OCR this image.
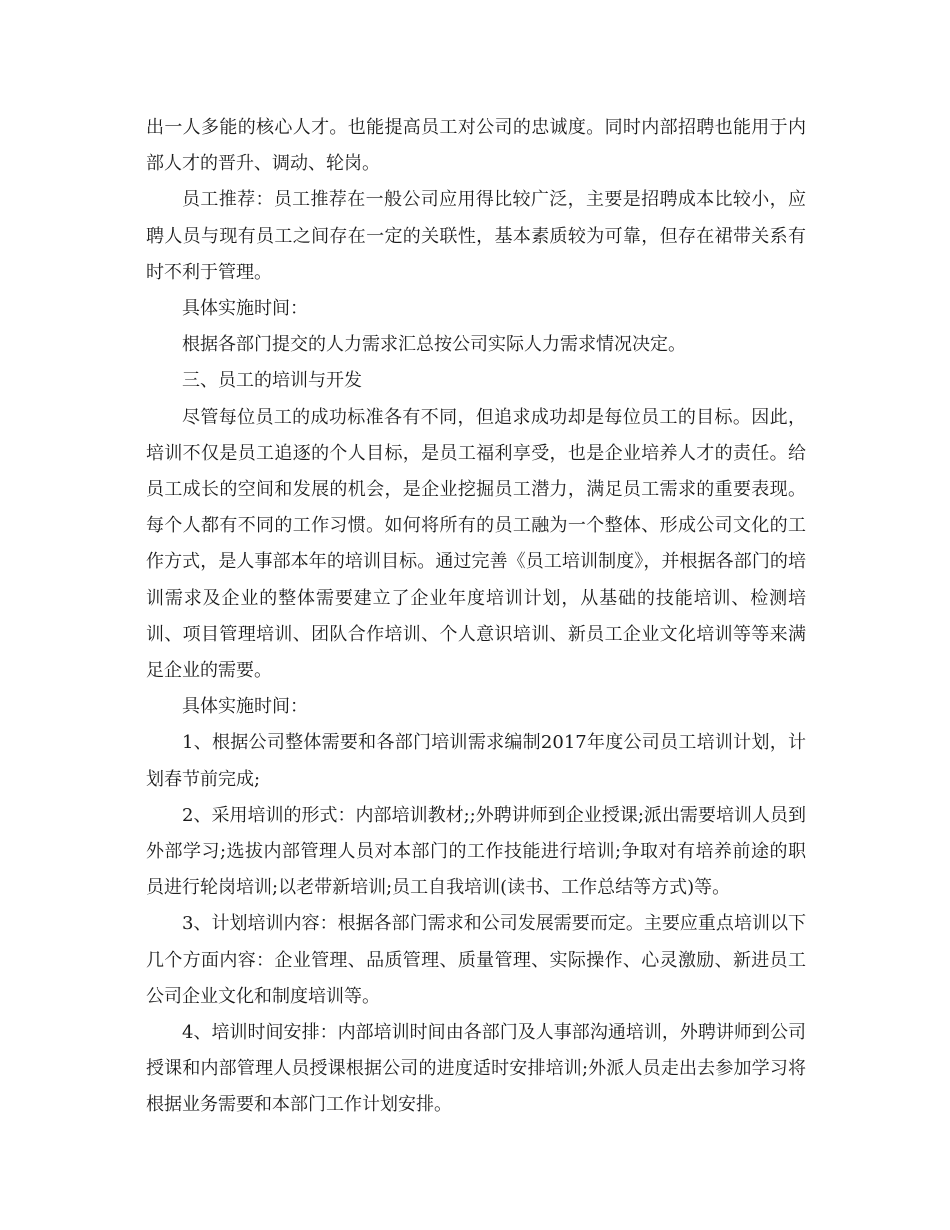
出一人多能的核心人才。也能提高员工对公司的忠诚度。同时内部招聘也能用于内部人才的晋升、调动、轮岗。

员工推荐：员工推荐在一般公司应用得比较广泛，主要是招聘成本比较小，应聘人员与现有员工之间存在一定的关联性，基本素质较为可靠，但存在裙带关系有时不利于管理。

具体实施时间：

根据各部门提交的人力需求汇总按公司实际人力需求情况决定。

三、员工的培训与开发

尽管每位员工的成功标准各有不同，但追求成功却是每位员工的目标。因此，培训不仅是员工追逐的个人目标，是员工福利享受，也是企业培养人才的责任。给员工成长的空间和发展的机会，是企业挖掘员工潜力，满足员工需求的重要表现。每个人都有不同的工作习惯。如何将所有的员工融为一个整体、形成公司文化的工作方式，是人事部本年的培训目标。通过完善《员工培训制度》，并根据各部门的培训需求及企业的整体需要建立了企业年度培训计划，从基础的技能培训、检测培训、项目管理培训、团队合作培训、个人意识培训、新员工企业文化培训等等来满足企业的需要。

具体实施时间：

1、根据公司整体需要和各部门培训需求编制2017年度公司员工培训计划，计划春节前完成;

2、采用培训的形式：内部培训教材;;外聘讲师到企业授课;派出需要培训人员到外部学习;选拔内部管理人员对本部门的工作技能进行培训;争取对有培养前途的职员进行轮岗培训;以老带新培训;员工自我培训(读书、工作总结等方式)等。

3、计划培训内容：根据各部门需求和公司发展需要而定。主要应重点培训以下几个方面内容：企业管理、品质管理、质量管理、实际操作、心灵激励、新进员工公司企业文化和制度培训等。

4、培训时间安排：内部培训时间由各部门及人事部沟通培训，外聘讲师到公司授课和内部管理人员授课根据公司的进度适时安排培训;外派人员走出去参加学习将根据业务需要和本部门工作计划安排。
